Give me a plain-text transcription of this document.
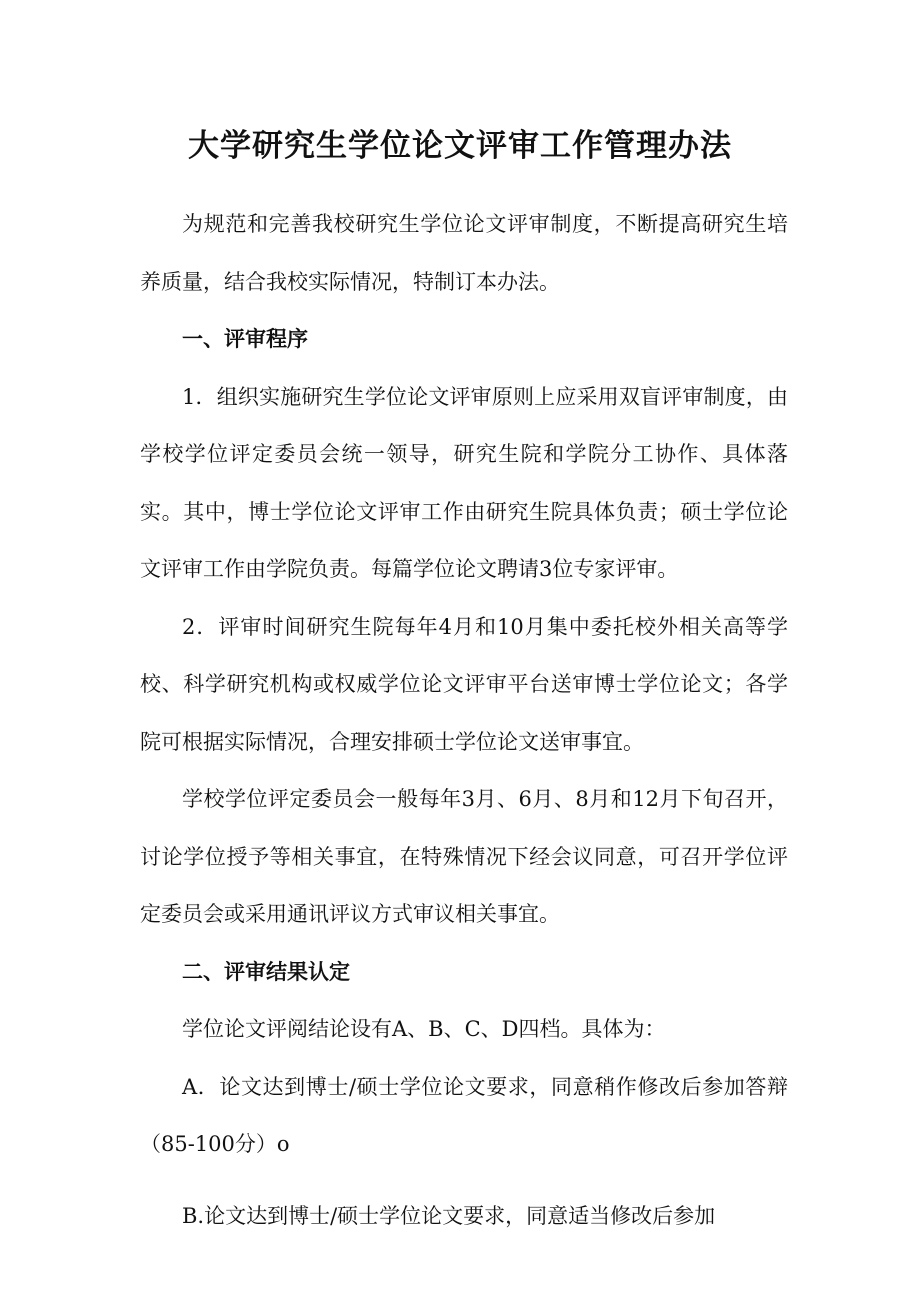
大学研究生学位论文评审工作管理办法

为规范和完善我校研究生学位论文评审制度，不断提高研究生培养质量，结合我校实际情况，特制订本办法。

一、评审程序

1．组织实施研究生学位论文评审原则上应采用双盲评审制度，由学校学位评定委员会统一领导，研究生院和学院分工协作、具体落实。其中，博士学位论文评审工作由研究生院具体负责；硕士学位论文评审工作由学院负责。每篇学位论文聘请3位专家评审。

2．评审时间研究生院每年4月和10月集中委托校外相关高等学校、科学研究机构或权威学位论文评审平台送审博士学位论文；各学院可根据实际情况，合理安排硕士学位论文送审事宜。

学校学位评定委员会一般每年3月、6月、8月和12月下旬召开，讨论学位授予等相关事宜，在特殊情况下经会议同意，可召开学位评定委员会或采用通讯评议方式审议相关事宜。

二、评审结果认定

学位论文评阅结论设有A、B、C、D四档。具体为：

A．论文达到博士/硕士学位论文要求，同意稍作修改后参加答辩（85-100分）o

B.论文达到博士/硕士学位论文要求，同意适当修改后参加
